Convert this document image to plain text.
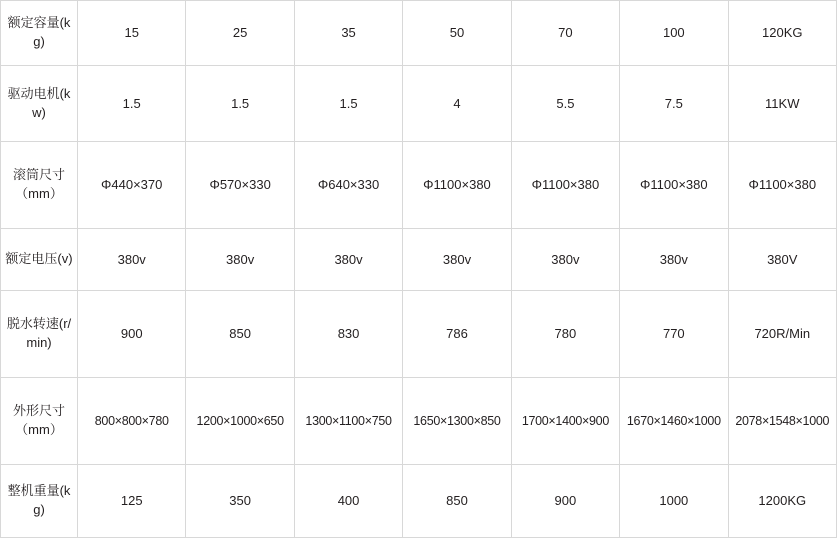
额定容量(kg)	15	25	35	50	70	100	120KG
驱动电机(kw)	1.5	1.5	1.5	4	5.5	7.5	11KW
滚筒尺寸（mm）	Φ440×370	Φ570×330	Φ640×330	Φ1100×380	Φ1100×380	Φ1100×380	Φ1100×380
额定电压(v)	380v	380v	380v	380v	380v	380v	380V
脱水转速(r/min)	900	850	830	786	780	770	720R/Min
外形尺寸（mm）	800×800×780	1200×1000×650	1300×1100×750	1650×1300×850	1700×1400×900	1670×1460×1000	2078×1548×1000
整机重量(kg)	125	350	400	850	900	1000	1200KG
